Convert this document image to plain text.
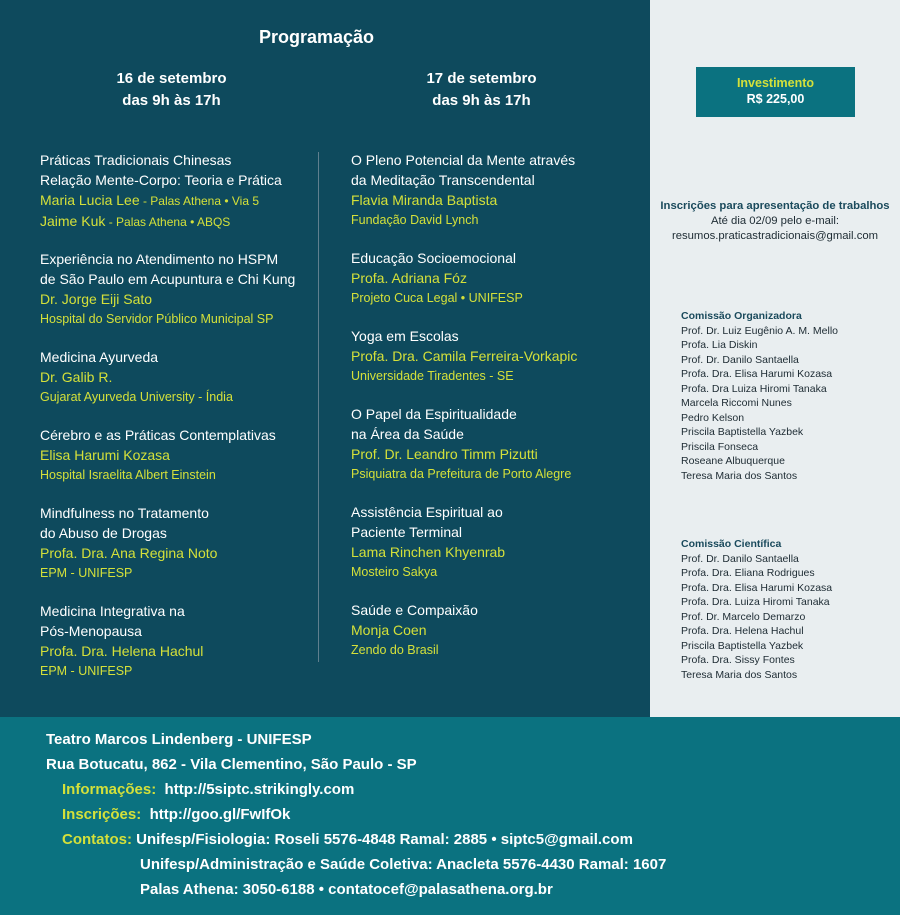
Programação
16 de setembro
das 9h às 17h
17 de setembro
das 9h às 17h
Práticas Tradicionais Chinesas
Relação Mente-Corpo: Teoria e Prática
Maria Lucia Lee - Palas Athena • Via 5
Jaime Kuk - Palas Athena • ABQS
Experiência no Atendimento no HSPM
de São Paulo em Acupuntura e Chi Kung
Dr. Jorge Eiji Sato
Hospital do Servidor Público Municipal SP
Medicina Ayurveda
Dr. Galib R.
Gujarat Ayurveda University - Índia
Cérebro e as Práticas Contemplativas
Elisa Harumi Kozasa
Hospital Israelita Albert Einstein
Mindfulness no Tratamento
do Abuso de Drogas
Profa. Dra. Ana Regina Noto
EPM - UNIFESP
Medicina Integrativa na
Pós-Menopausa
Profa. Dra. Helena Hachul
EPM - UNIFESP
O Pleno Potencial da Mente através
da Meditação Transcendental
Flavia Miranda Baptista
Fundação David Lynch
Educação Socioemocional
Profa. Adriana Fóz
Projeto Cuca Legal • UNIFESP
Yoga em Escolas
Profa. Dra. Camila Ferreira-Vorkapic
Universidade Tiradentes - SE
O Papel da Espiritualidade
na Área da Saúde
Prof. Dr. Leandro Timm Pizutti
Psiquiatra da Prefeitura de Porto Alegre
Assistência Espiritual ao
Paciente Terminal
Lama Rinchen Khyenrab
Mosteiro Sakya
Saúde e Compaixão
Monja Coen
Zendo do Brasil
Investimento
R$ 225,00
Inscrições para apresentação de trabalhos
Até dia 02/09 pelo e-mail:
resumos.praticastradicionais@gmail.com
Comissão Organizadora
Prof. Dr. Luiz Eugênio A. M. Mello
Profa. Lia Diskin
Prof. Dr. Danilo Santaella
Profa. Dra. Elisa Harumi Kozasa
Profa. Dra Luiza Hiromi Tanaka
Marcela Riccomi Nunes
Pedro Kelson
Priscila Baptistella Yazbek
Priscila Fonseca
Roseane Albuquerque
Teresa Maria dos Santos
Comissão Científica
Prof. Dr. Danilo Santaella
Profa. Dra. Eliana Rodrigues
Profa. Dra. Elisa Harumi Kozasa
Profa. Dra. Luiza Hiromi Tanaka
Prof. Dr. Marcelo Demarzo
Profa. Dra. Helena Hachul
Priscila Baptistella Yazbek
Profa. Dra. Sissy Fontes
Teresa Maria dos Santos
Teatro Marcos Lindenberg - UNIFESP
Rua Botucatu, 862 - Vila Clementino, São Paulo - SP
Informações: http://5siptc.strikingly.com
Inscrições: http://goo.gl/FwIfOk
Contatos: Unifesp/Fisiologia: Roseli 5576-4848 Ramal: 2885 • siptc5@gmail.com
Unifesp/Administração e Saúde Coletiva: Anacleta 5576-4430 Ramal: 1607
Palas Athena: 3050-6188 • contatocef@palasathena.org.br
